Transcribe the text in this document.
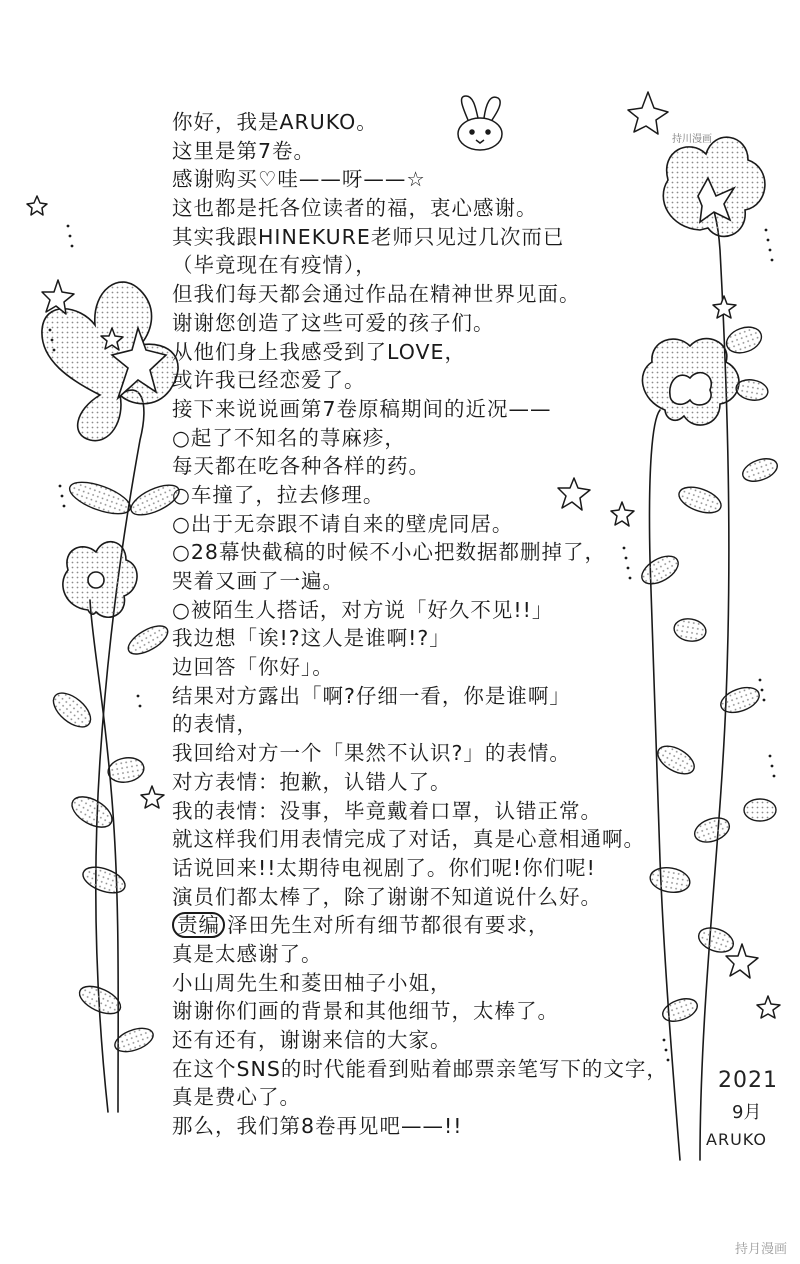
持川漫画
你好，我是ARUKO。
这里是第7卷。
感谢购买♡哇——呀——☆
这也都是托各位读者的福，衷心感谢。
其实我跟HINEKURE老师只见过几次而已
（毕竟现在有疫情），
但我们每天都会通过作品在精神世界见面。
谢谢您创造了这些可爱的孩子们。
从他们身上我感受到了LOVE，
或许我已经恋爱了。
接下来说说画第7卷原稿期间的近况——
○起了不知名的荨麻疹，
每天都在吃各种各样的药。
○车撞了，拉去修理。
○出于无奈跟不请自来的壁虎同居。
○28幕快截稿的时候不小心把数据都删掉了，
哭着又画了一遍。
○被陌生人搭话，对方说「好久不见!!」
我边想「诶!?这人是谁啊!?」
边回答「你好」。
结果对方露出「啊?仔细一看，你是谁啊」
的表情，
我回给对方一个「果然不认识?」的表情。
对方表情：抱歉，认错人了。
我的表情：没事，毕竟戴着口罩，认错正常。
就这样我们用表情完成了对话，真是心意相通啊。
话说回来!!太期待电视剧了。你们呢!你们呢!
演员们都太棒了，除了谢谢不知道说什么好。
责编 泽田先生对所有细节都很有要求，
真是太感谢了。
小山周先生和菱田柚子小姐，
谢谢你们画的背景和其他细节，太棒了。
还有还有，谢谢来信的大家。
在这个SNS的时代能看到贴着邮票亲笔写下的文字，
真是费心了。
那么，我们第8卷再见吧——!!
2021
9月
ARUKO
持月漫画
